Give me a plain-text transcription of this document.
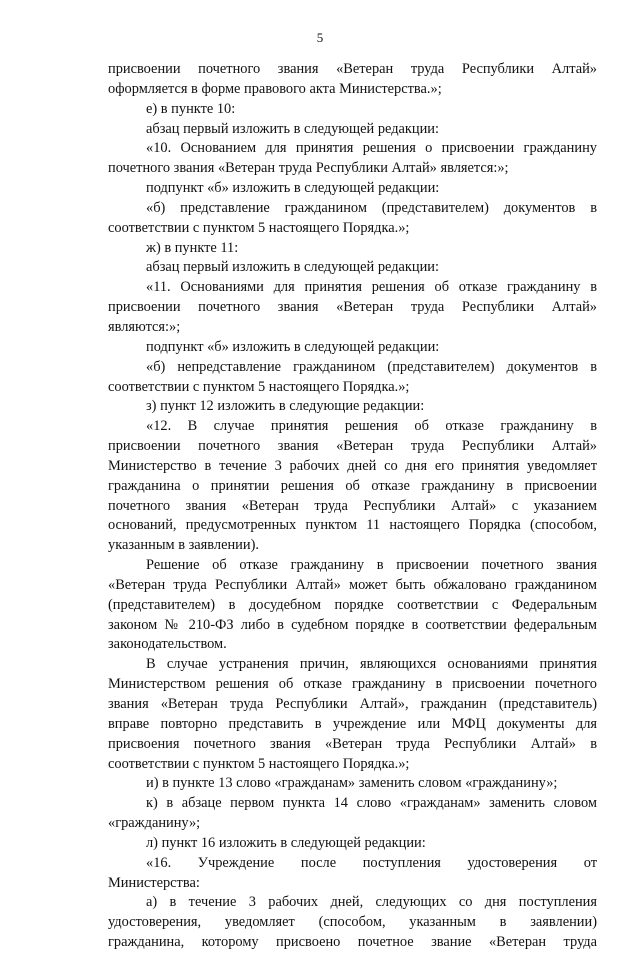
5
присвоении почетного звания «Ветеран труда Республики Алтай»
оформляется в форме правового акта Министерства.»;
е) в пункте 10:
абзац первый изложить в следующей редакции:
«10. Основанием для принятия решения о присвоении гражданину
почетного звания «Ветеран труда Республики Алтай» является:»;
подпункт «б» изложить в следующей редакции:
«б) представление гражданином (представителем) документов в
соответствии с пунктом 5 настоящего Порядка.»;
ж) в пункте 11:
абзац первый изложить в следующей редакции:
«11. Основаниями для принятия решения об отказе гражданину в
присвоении почетного звания «Ветеран труда Республики Алтай»
являются:»;
подпункт «б» изложить в следующей редакции:
«б) непредставление гражданином (представителем) документов в
соответствии с пунктом 5 настоящего Порядка.»;
з) пункт 12 изложить в следующие редакции:
«12. В случае принятия решения об отказе гражданину в
присвоении почетного звания «Ветеран труда Республики Алтай»
Министерство в течение 3 рабочих дней со дня его принятия уведомляет
гражданина о принятии решения об отказе гражданину в присвоении
почетного звания «Ветеран труда Республики Алтай» с указанием
оснований, предусмотренных пунктом 11 настоящего Порядка (способом,
указанным в заявлении).
Решение об отказе гражданину в присвоении почетного звания
«Ветеран труда Республики Алтай» может быть обжаловано гражданином
(представителем) в досудебном порядке соответствии с Федеральным
законом № 210-ФЗ либо в судебном порядке в соответствии федеральным
законодательством.
В случае устранения причин, являющихся основаниями принятия
Министерством решения об отказе гражданину в присвоении почетного
звания «Ветеран труда Республики Алтай», гражданин (представитель)
вправе повторно представить в учреждение или МФЦ документы для
присвоения почетного звания «Ветеран труда Республики Алтай» в
соответствии с пунктом 5 настоящего Порядка.»;
и) в пункте 13 слово «гражданам» заменить словом «гражданину»;
к) в абзаце первом пункта 14 слово «гражданам» заменить словом
«гражданину»;
л) пункт 16 изложить в следующей редакции:
«16. Учреждение после поступления удостоверения от
Министерства:
а) в течение 3 рабочих дней, следующих со дня поступления
удостоверения, уведомляет (способом, указанным в заявлении)
гражданина, которому присвоено почетное звание «Ветеран труда
